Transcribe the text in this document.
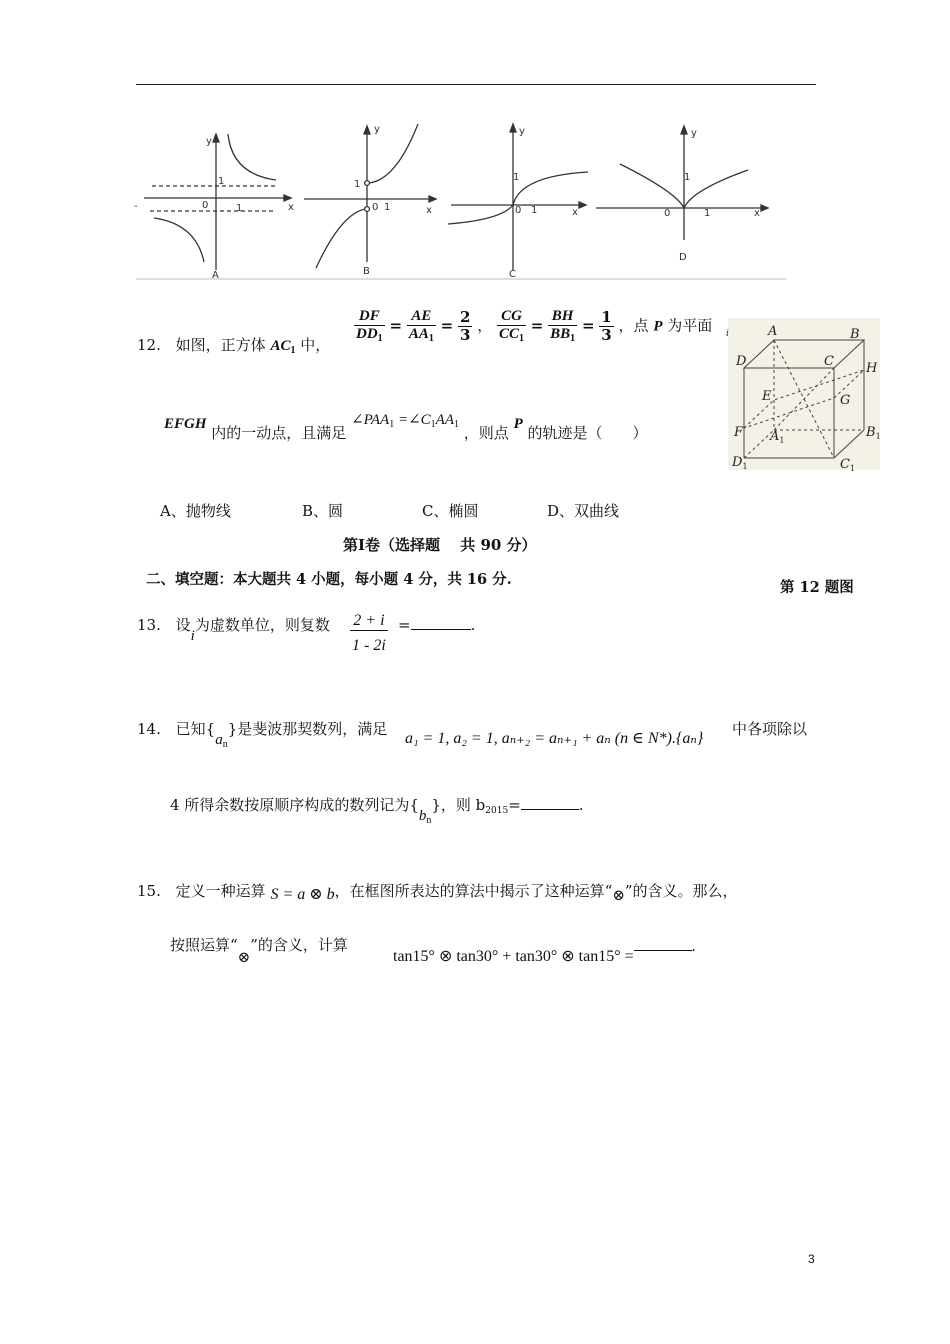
-
y
x
0
1
1
A
y
x
0
1
1
B
y
x
0
1
1
C
y
x
0
1
1
D
12. 如图，正方体 $AC_1$ 中，
$\frac{DF}{DD_1} = \frac{AE}{AA_1} = \frac{2}{3}$ ， $\frac{CG}{CC_1} = \frac{BH}{BB_1} = \frac{1}{3}$ ，点 P 为平面
EFGH 内的一动点，且满足 $\angle PAA_1$ $=\angle C_1AA_1$ ，则点 P 的轨迹是（　　）
i	A	B
C
D
E
F
G
H
$A_1$
$B_1$
$C_1$
$D_1$
A、抛物线	B、圆	C、椭圆	D、双曲线
第Ⅰ卷（选择题　 共 90 分）
二、填空题：本大题共 4 小题，每小题 4 分，共 16 分.	第 12 题图
13. 设i为虚数单位，则复数 $\frac{2 + i}{1 - 2i}$ =	.
14. 已知$\{a_n\}$是斐波那契数列，满足
a₁ = 1, a₂ = 1, aₙ₊₂ = aₙ₊₁ + aₙ (n ∈ N*).{aₙ}
中各项除以
4 所得余数按原顺序构成的数列记为$\{b_n\}$，则 $b_{2015}=$	.
15. 定义一种运算 S = a ⊗ b，在框图所表达的算法中揭示了这种运算“⊗”的含义。那么，
按照运算“⊗”的含义，计算
tan15° ⊗ tan30° + tan30° ⊗ tan15° =.
3
